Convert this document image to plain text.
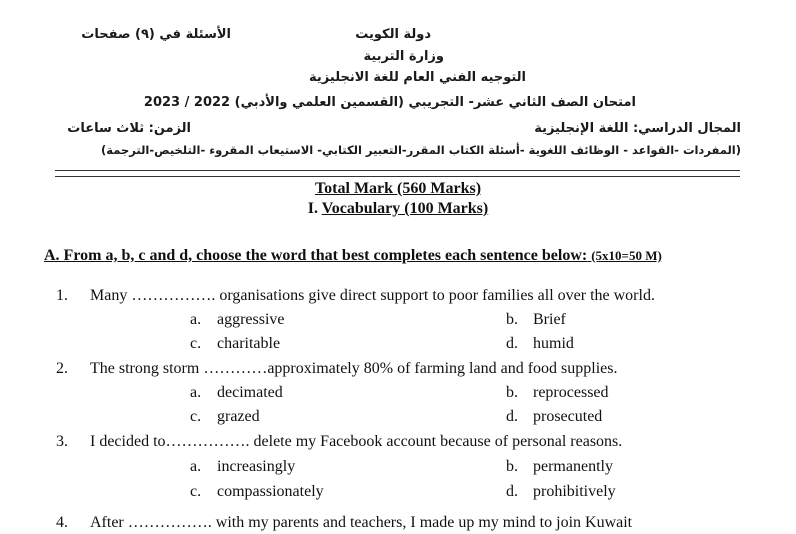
الأسئلة في (٩) صفحات	دولة الكويت
وزارة التربية
التوجيه الفني العام للغة الانجليزية
امتحان الصف الثاني عشر- التجريبي (القسمين العلمي والأدبي) 2022 / 2023
المجال الدراسي: اللغة الإنجليزية
الزمن: ثلاث ساعات
(المفردات -القواعد - الوظائف اللغوية -أسئلة الكتاب المقرر-التعبير الكتابي- الاستيعاب المقروء -التلخيص-الترجمة)
Total Mark (560 Marks)
I. Vocabulary (100 Marks)
A. From a, b, c and d, choose the word that best completes each sentence below: (5x10=50 M)
1. Many ……………. organisations give direct support to poor families all over the world.
a. aggressive	b. Brief
c. charitable	d. humid
2. The strong storm …………approximately 80% of farming land and food supplies.
a. decimated	b. reprocessed
c. grazed	d. prosecuted
3. I decided to……………. delete my Facebook account because of personal reasons.
a. increasingly	b. permanently
c. compassionately	d. prohibitively
4. After ……………. with my parents and teachers, I made up my mind to join Kuwait
